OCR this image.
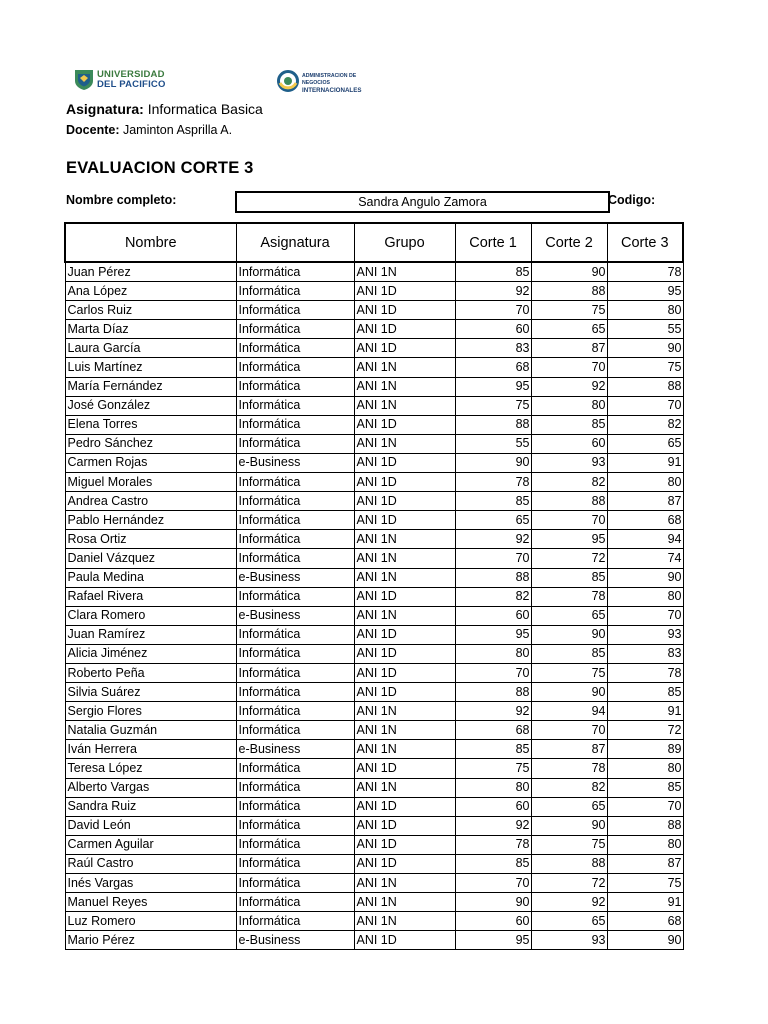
UNIVERSIDAD
DEL PACIFICO
ADMINISTRACION DE NEGOCIOS
INTERNACIONALES
Asignatura: Informatica Basica
Docente: Jaminton Asprilla A.
EVALUACION CORTE 3
Nombre completo:	Sandra Angulo Zamora	Codigo:
Nombre	Asignatura	Grupo	Corte 1	Corte 2	Corte 3
Juan Pérez	Informática	ANI 1N	85	90	78
Ana López	Informática	ANI 1D	92	88	95
Carlos Ruiz	Informática	ANI 1D	70	75	80
Marta Díaz	Informática	ANI 1D	60	65	55
Laura García	Informática	ANI 1D	83	87	90
Luis Martínez	Informática	ANI 1N	68	70	75
María Fernández	Informática	ANI 1N	95	92	88
José González	Informática	ANI 1N	75	80	70
Elena Torres	Informática	ANI 1D	88	85	82
Pedro Sánchez	Informática	ANI 1N	55	60	65
Carmen Rojas	e-Business	ANI 1D	90	93	91
Miguel Morales	Informática	ANI 1D	78	82	80
Andrea Castro	Informática	ANI 1D	85	88	87
Pablo Hernández	Informática	ANI 1D	65	70	68
Rosa Ortiz	Informática	ANI 1N	92	95	94
Daniel Vázquez	Informática	ANI 1N	70	72	74
Paula Medina	e-Business	ANI 1N	88	85	90
Rafael Rivera	Informática	ANI 1D	82	78	80
Clara Romero	e-Business	ANI 1N	60	65	70
Juan Ramírez	Informática	ANI 1D	95	90	93
Alicia Jiménez	Informática	ANI 1D	80	85	83
Roberto Peña	Informática	ANI 1D	70	75	78
Silvia Suárez	Informática	ANI 1D	88	90	85
Sergio Flores	Informática	ANI 1N	92	94	91
Natalia Guzmán	Informática	ANI 1N	68	70	72
Iván Herrera	e-Business	ANI 1N	85	87	89
Teresa López	Informática	ANI 1D	75	78	80
Alberto Vargas	Informática	ANI 1N	80	82	85
Sandra Ruiz	Informática	ANI 1D	60	65	70
David León	Informática	ANI 1D	92	90	88
Carmen Aguilar	Informática	ANI 1D	78	75	80
Raúl Castro	Informática	ANI 1D	85	88	87
Inés Vargas	Informática	ANI 1N	70	72	75
Manuel Reyes	Informática	ANI 1N	90	92	91
Luz Romero	Informática	ANI 1N	60	65	68
Mario Pérez	e-Business	ANI 1D	95	93	90
